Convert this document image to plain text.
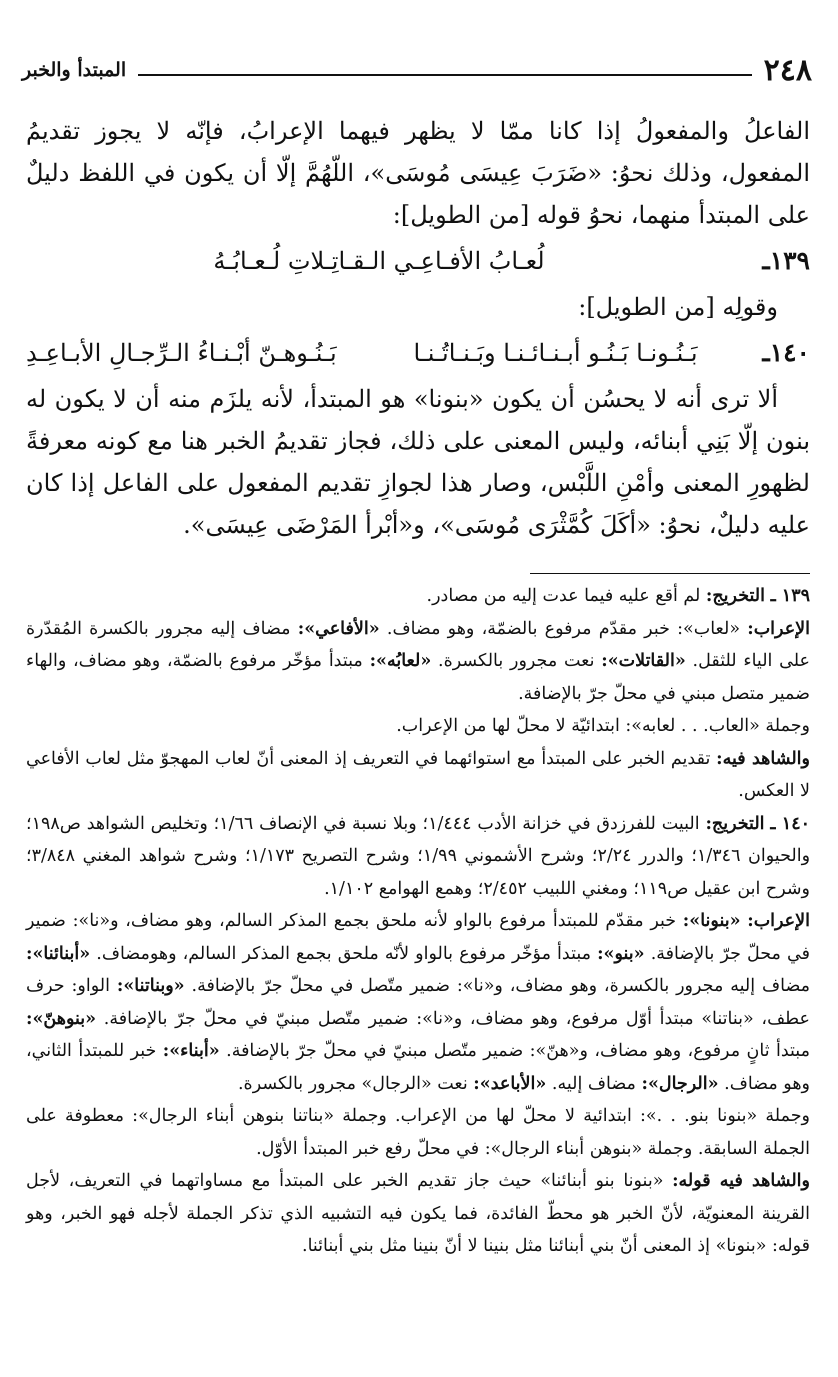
٢٤٨
المبتدأ والخبر

الفاعلُ والمفعولُ إذا كانا ممّا لا يظهر فيهما الإعرابُ، فإنّه لا يجوز تقديمُ المفعول، وذلك نحوُ: «ضَرَبَ عِيسَى مُوسَى»، اللّهُمَّ إلّا أن يكون في اللفظ دليلٌ على المبتدأ منهما، نحوُ قوله [من الطويل]:

١٣٩ـ
لُعـابُ الأفـاعِـي الـقـاتِـلاتِ لُـعـابُـهُ

وقولِه [من الطويل]:

١٤٠ـ
بَـنُـونـا بَـنُـو أبـنـائـنـا وبَـنـاتُـنـا
بَـنُـوهـنّ أبْـنـاءُ الـرِّجـالِ الأبـاعِـدِ

ألا ترى أنه لا يحسُن أن يكون «بنونا» هو المبتدأ، لأنه يلزَم منه أن لا يكون له بنون إلّا بَنِي أبنائه، وليس المعنى على ذلك، فجاز تقديمُ الخبر هنا مع كونه معرفةً لظهورِ المعنى وأمْنِ اللَّبْس، وصار هذا لجوازِ تقديم المفعول على الفاعل إذا كان عليه دليلٌ، نحوُ: «أكَلَ كُمَّثْرَى مُوسَى»، و«أبْرأ المَرْضَى عِيسَى».

١٣٩ ـ التخريج: لم أقع عليه فيما عدت إليه من مصادر.

الإعراب: «لعاب»: خبر مقدّم مرفوع بالضمّة، وهو مضاف. «الأفاعي»: مضاف إليه مجرور بالكسرة المُقدّرة على الياء للثقل. «القاتلات»: نعت مجرور بالكسرة. «لعابُه»: مبتدأ مؤخّر مرفوع بالضمّة، وهو مضاف، والهاء ضمير متصل مبني في محلّ جرّ بالإضافة.

وجملة «العاب. . . لعابه»: ابتدائيّة لا محلّ لها من الإعراب.

والشاهد فيه: تقديم الخبر على المبتدأ مع استوائهما في التعريف إذ المعنى أنّ لعاب المهجوّ مثل لعاب الأفاعي لا العكس.

١٤٠ ـ التخريج: البيت للفرزدق في خزانة الأدب ١/٤٤٤؛ وبلا نسبة في الإنصاف ١/٦٦؛ وتخليص الشواهد ص١٩٨؛ والحيوان ١/٣٤٦؛ والدرر ٢/٢٤؛ وشرح الأشموني ١/٩٩؛ وشرح التصريح ١/١٧٣؛ وشرح شواهد المغني ٣/٨٤٨؛ وشرح ابن عقيل ص١١٩؛ ومغني اللبيب ٢/٤٥٢؛ وهمع الهوامع ١/١٠٢.

الإعراب: «بنونا»: خبر مقدّم للمبتدأ مرفوع بالواو لأنه ملحق بجمع المذكر السالم، وهو مضاف، و«نا»: ضمير في محلّ جرّ بالإضافة. «بنو»: مبتدأ مؤخّر مرفوع بالواو لأنّه ملحق بجمع المذكر السالم، وهومضاف. «أبنائنا»: مضاف إليه مجرور بالكسرة، وهو مضاف، و«نا»: ضمير متّصل في محلّ جرّ بالإضافة. «وبناتنا»: الواو: حرف عطف، «بناتنا» مبتدأ أوّل مرفوع، وهو مضاف، و«نا»: ضمير متّصل مبنيّ في محلّ جرّ بالإضافة. «بنوهنّ»: مبتدأ ثانٍ مرفوع، وهو مضاف، و«هنّ»: ضمير متّصل مبنيّ في محلّ جرّ بالإضافة. «أبناء»: خبر للمبتدأ الثاني، وهو مضاف. «الرجال»: مضاف إليه. «الأباعد»: نعت «الرجال» مجرور بالكسرة.

وجملة «بنونا بنو. . .»: ابتدائية لا محلّ لها من الإعراب. وجملة «بناتنا بنوهن أبناء الرجال»: معطوفة على الجملة السابقة. وجملة «بنوهن أبناء الرجال»: في محلّ رفع خبر المبتدأ الأوّل.

والشاهد فيه قوله: «بنونا بنو أبنائنا» حيث جاز تقديم الخبر على المبتدأ مع مساواتهما في التعريف، لأجل القرينة المعنويّة، لأنّ الخبر هو محطّ الفائدة، فما يكون فيه التشبيه الذي تذكر الجملة لأجله فهو الخبر، وهو قوله: «بنونا» إذ المعنى أنّ بني أبنائنا مثل بنينا لا أنّ بنينا مثل بني أبنائنا.
